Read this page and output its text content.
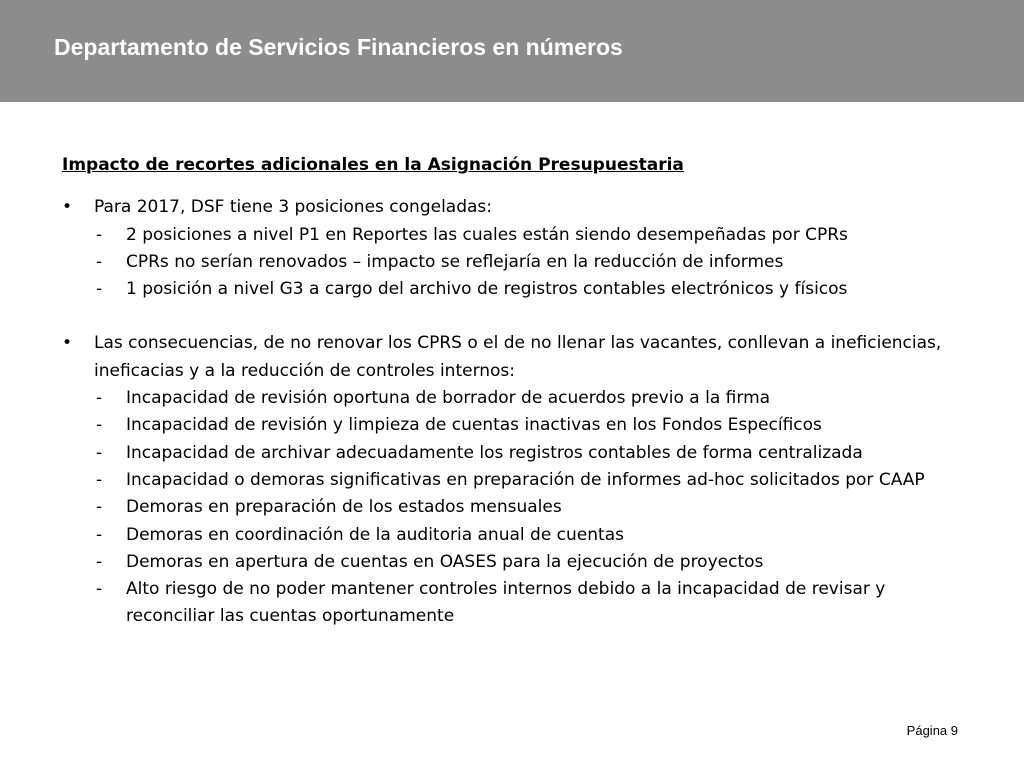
Departamento de Servicios Financieros en números
Impacto de recortes adicionales en la Asignación Presupuestaria
• Para 2017, DSF tiene 3 posiciones congeladas:
- 2 posiciones a nivel P1 en Reportes las cuales están siendo desempeñadas por CPRs
- CPRs no serían renovados – impacto se reflejaría en la reducción de informes
- 1 posición a nivel G3 a cargo del archivo de registros contables electrónicos y físicos
• Las consecuencias, de no renovar los CPRS o el de no llenar las vacantes, conllevan a ineficiencias,
ineficacias y a la reducción de controles internos:
- Incapacidad de revisión oportuna de borrador de acuerdos previo a la firma
- Incapacidad de revisión y limpieza de cuentas inactivas en los Fondos Específicos
- Incapacidad de archivar adecuadamente los registros contables de forma centralizada
- Incapacidad o demoras significativas en preparación de informes ad-hoc solicitados por CAAP
- Demoras en preparación de los estados mensuales
- Demoras en coordinación de la auditoria anual de cuentas
- Demoras en apertura de cuentas en OASES para la ejecución de proyectos
- Alto riesgo de no poder mantener controles internos debido a la incapacidad de revisar y
reconciliar las cuentas oportunamente
Página 9
